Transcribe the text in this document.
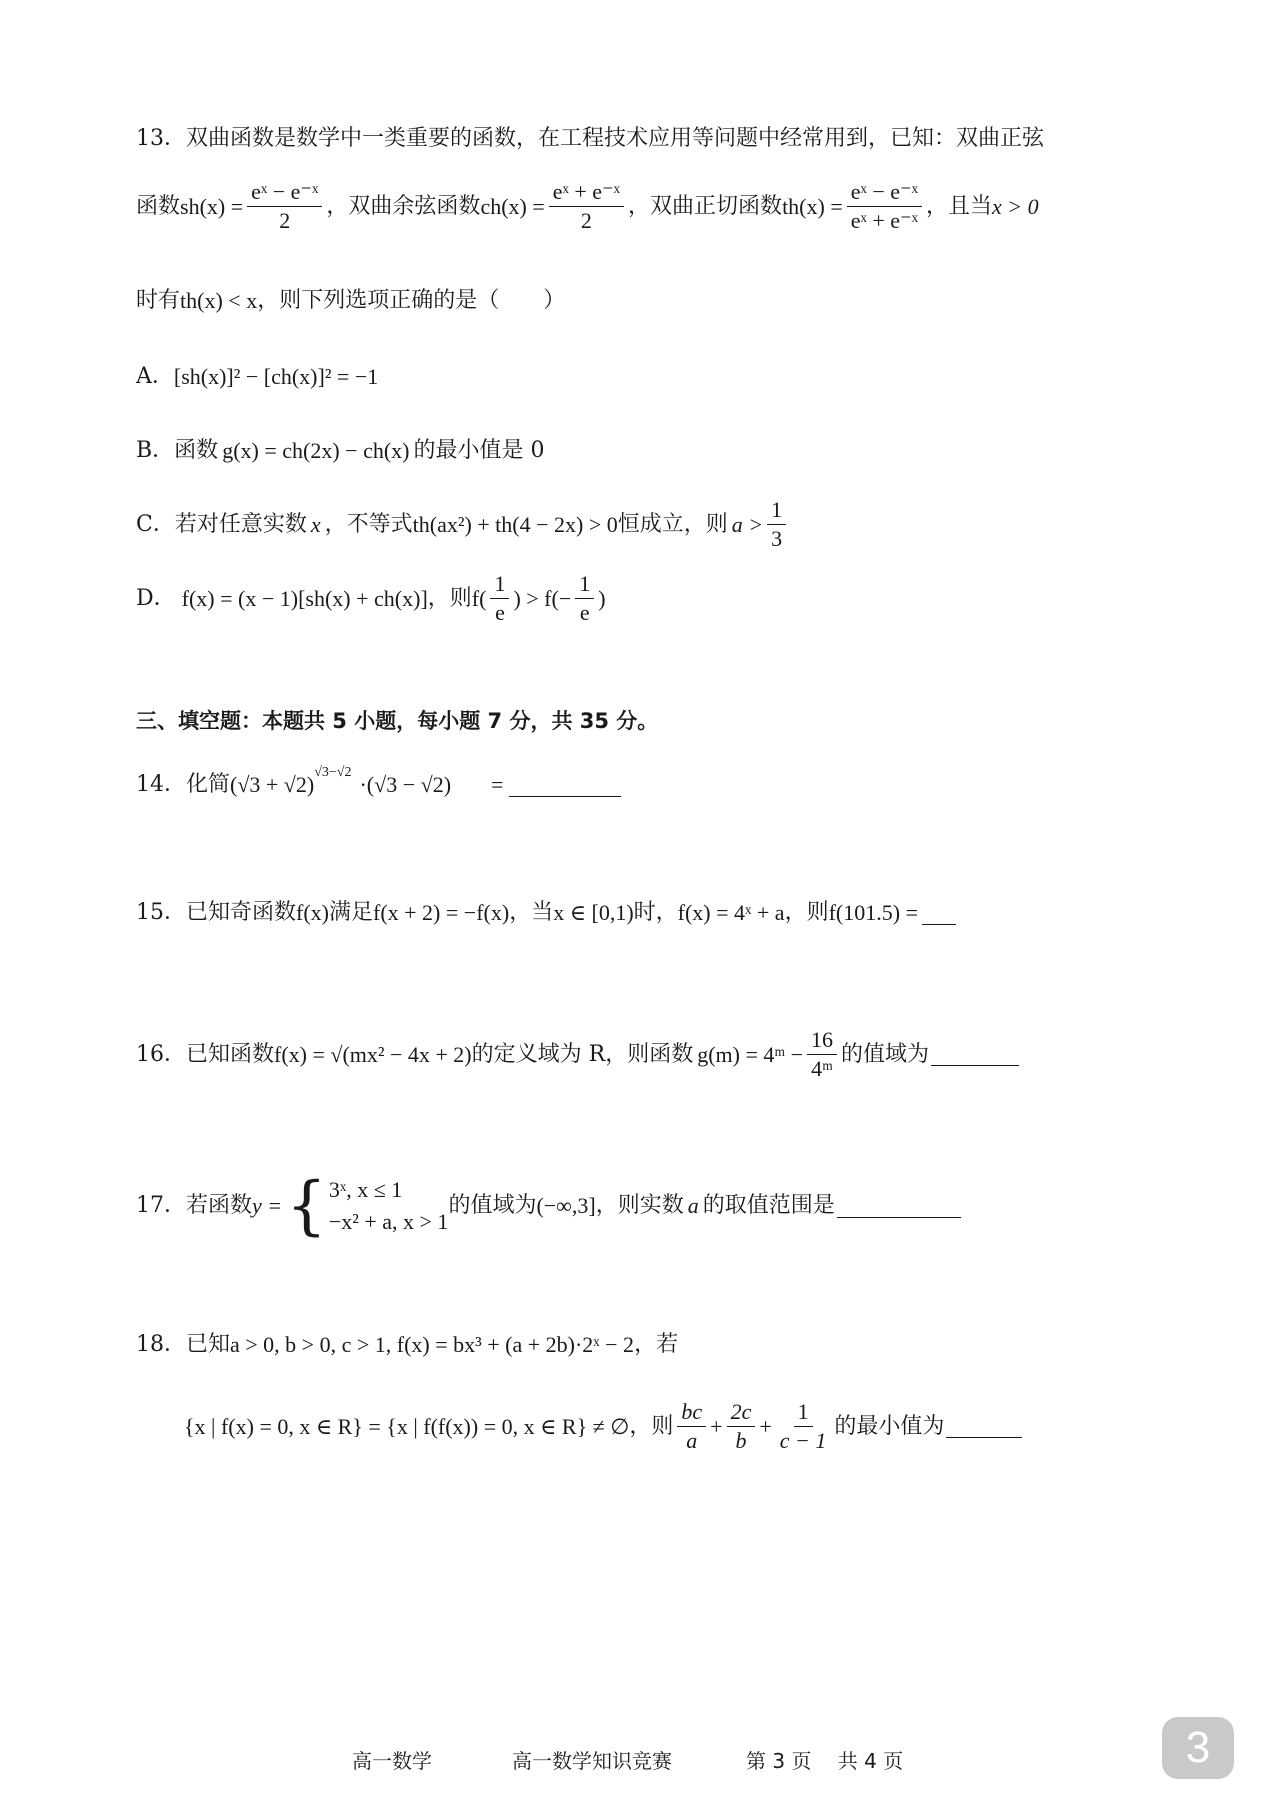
13．双曲函数是数学中一类重要的函数，在工程技术应用等问题中经常用到，已知：双曲正弦
函数 $sh(x) = \frac{\text{eˣ − e⁻ˣ}}{2}$ ，双曲余弦函数 $ch(x) = \frac{\text{eˣ + e⁻ˣ}}{2}$ ，双曲正切函数 $th(x) = \frac{\text{eˣ − e⁻ˣ}}{\text{eˣ + e⁻ˣ}}$ ，且当 x > 0
时有 th(x) < x ，则下列选项正确的是（　　）
A． [sh(x)]² − [ch(x)]² = −1
B． 函数 g(x) = ch(2x) − ch(x) 的最小值是 0
C． 若对任意实数 x ，不等式 th(ax²) + th(4 − 2x) > 0 恒成立，则 $a > \frac{1}{3}$
D． f(x) = (x − 1)[sh(x) + ch(x)] ，则 $f( \frac{1}{e}$ ) > $f(- \frac{1}{e}$ )
三、填空题：本题共 5 小题，每小题 7 分，共 35 分。
14．化简 $(√3 + √2)^{√3-√2} \cdot(√3 - √2)$ =
15．已知奇函数 f(x) 满足 f(x + 2) = −f(x) ，当 x ∈ [0,1) 时， f(x) = 4ˣ + a ，则 f(101.5) =
16．已知函数 f(x) = √(mx² − 4x + 2) 的定义域为 R，则函数 g(m) = 4ᵐ − $\frac{16}{\text{4ᵐ}}$ 的值域为
17．若函数 y = { 3ˣ, x ≤ 1
−x² + a, x > 1
的值域为 (−∞,3] ，则实数 a 的取值范围是
18．已知 a > 0, b > 0, c > 1, f(x) = bx³ + (a + 2b)·2ˣ − 2 ，若
{x | f(x) = 0, x ∈ R} = {x | f(f(x)) = 0, x ∈ R} ≠ ∅ ，则 $\frac{bc}{a} + \frac{2c}{b} + \frac{1}{c - 1}$ 的最小值为
高一数学	高一数学知识竞赛	第 3 页　 共 4 页	3
